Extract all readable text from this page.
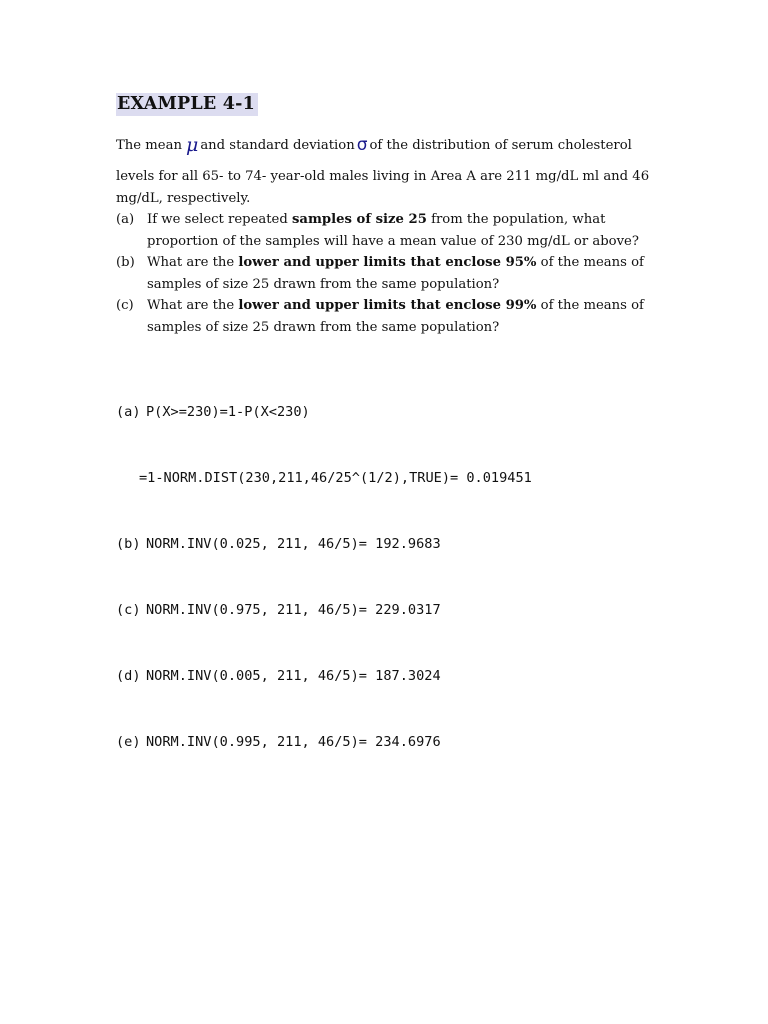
EXAMPLE 4-1
The mean μ and standard deviation σ of the distribution of serum cholesterol
levels for all 65- to 74- year-old males living in Area A are 211 mg/dL ml and 46 mg/dL, respectively.
(a) If we select repeated samples of size 25 from the population, what proportion of the samples will have a mean value of 230 mg/dL or above?
(b) What are the lower and upper limits that enclose 95% of the means of samples of size 25 drawn from the same population?
(c)	What are the lower and upper limits that enclose 99% of the means of samples of size 25 drawn from the same population?

(a) P(X>=230)=1-P(X<230)

=1-NORM.DIST(230,211,46/25^(1/2),TRUE)= 0.019451

(b) NORM.INV(0.025, 211, 46/5)= 192.9683

(c) NORM.INV(0.975, 211, 46/5)= 229.0317

(d) NORM.INV(0.005, 211, 46/5)= 187.3024

(e) NORM.INV(0.995, 211, 46/5)= 234.6976
